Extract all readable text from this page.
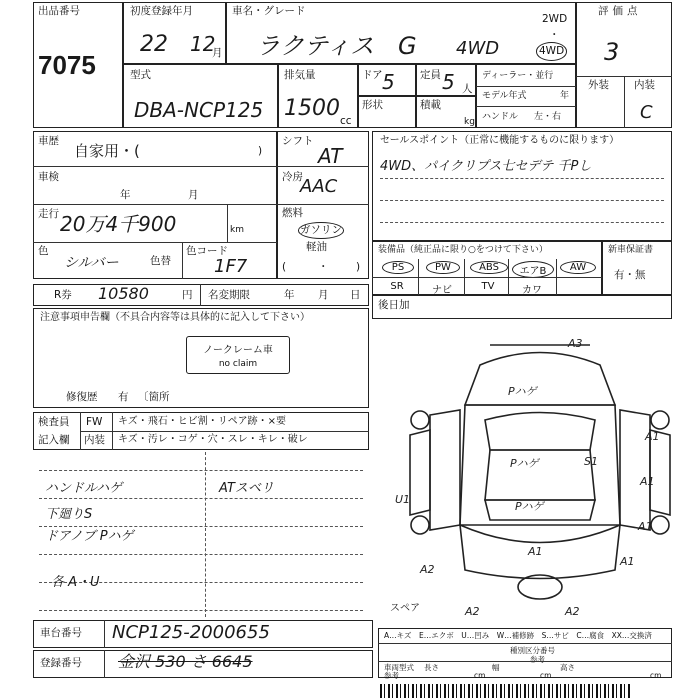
出品番号
7075
初度登録年月
22 12
月
車名・グレード
ラクティス G 4WD
2WD
・
4WD
評価点
3
外装 内装
C
型式
DBA-NCP125
排気量
1500 cc
ドア 5 定員 5 人
形状	積載
kg
ディーラー・並行
モデル年式	年
ハンドル 左・右
車歴
自家用・(	)
車検
年	月
走行 20万4千900	km
色
シルバー	色替
色コード
1F7
シフト
AT
冷房
AAC
燃料
ガソリン
軽油
(	・	)
セールスポイント（正常に機能するものに限ります）
4WD、パイクリプス七セデテ 千Pし
装備品（純正品に限り○をつけて下さい）
PS	PW	ABS	エアB	AW
SR	ナビ	TV	カワ
新車保証書
有・無
R券 10580	円 名変期限	年 月 日
注意事項申告欄（不具合内容等は具体的に記入して下さい）
ノークレーム車
no claim
修復歴 有 〔箇所
検査員
記入欄
FW キズ・飛石・ヒビ割・リペア跡・×要
内装 キズ・汚レ・コゲ・穴・スレ・キレ・破レ
ハンドルハゲ
下廻りS
ドアノブ Pハゲ
各 A・U
ATスベリ
後日加
A3
Pハゲ
A1
Pハゲ	S1
A1
U1
Pハゲ
A1
A1
A2
A2	A2
A1
スペア
車台番号 NCP125-2000655
登録番号 金沢 530 さ 6645
A…キズ　E…エクボ　U…凹み　W…補修跡　S…サビ　C…腐食　XX…交換済
種別区分番号
参考
車両型式
参考
長さ
cm
幅
cm
高さ
cm
